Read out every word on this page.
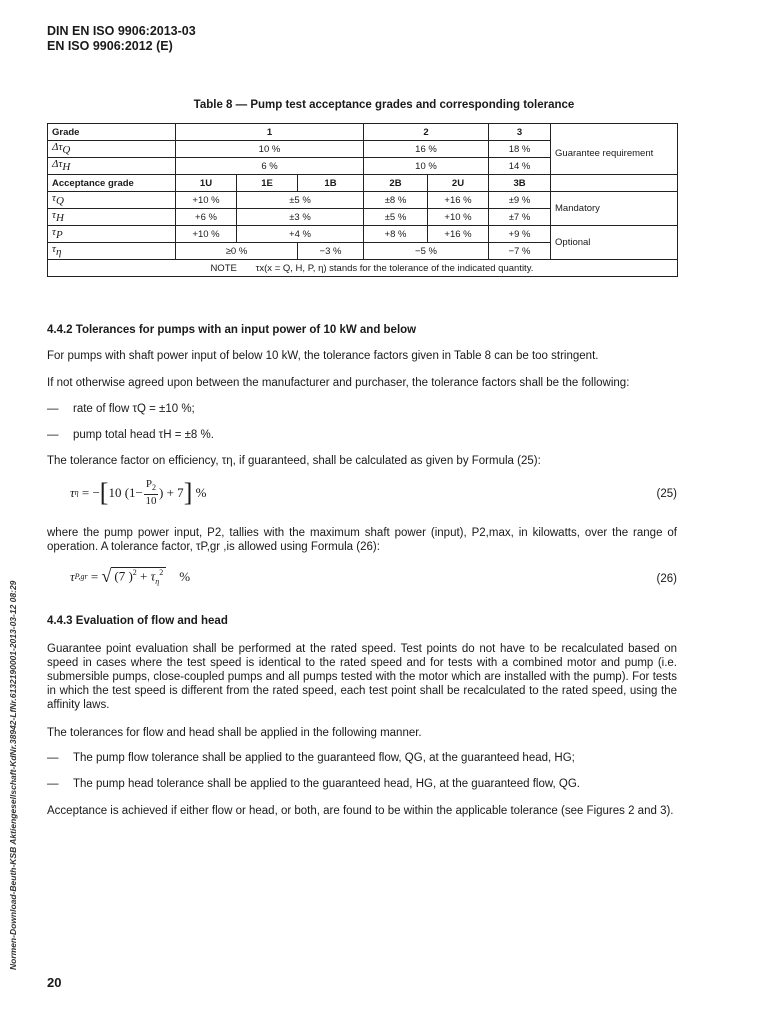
DIN EN ISO 9906:2013-03
EN ISO 9906:2012 (E)
Table 8 — Pump test acceptance grades and corresponding tolerance
Grade	1			2		3	Guarantee requirement
$\Delta\tau_Q$	10 %			16 %		18 %	
$\Delta\tau_H$	6 %			10 %		14 %	
Acceptance grade	1U	1E	1B	2B	2U	3B	
$\tau_Q$	+10 %	±5 %		±8 %	+16 %	±9 %	Mandatory
$\tau_H$	+6 %	±3 %		±5 %	+10 %	±7 %	
$\tau_P$	+10 %	+4 %		+8 %	+16 %	+9 %	Optional
$\tau_\eta$	≥0 %		−3 %	−5 %		−7 %	
NOTE τx(x = Q, H, P, η) stands for the tolerance of the indicated quantity.							
4.4.2 Tolerances for pumps with an input power of 10 kW and below
For pumps with shaft power input of below 10 kW, the tolerance factors given in Table 8 can be too stringent.
If not otherwise agreed upon between the manufacturer and purchaser, the tolerance factors shall be the following:
— rate of flow τQ = ±10 %;
— pump total head τH = ±8 %.
The tolerance factor on efficiency, τη, if guaranteed, shall be calculated as given by Formula (25):
τ η = − [ 10 ($1- \frac{P_2}{10}$ ) + 7 ] %	(25)
where the pump power input, P2, tallies with the maximum shaft power (input), P2,max, in kilowatts, over the range of operation. A tolerance factor, τP,gr ,is allowed using Formula (26):
τ P,gr = √ (7 )$^2 + \tau_\eta^2$ %	(26)
4.4.3 Evaluation of flow and head
Guarantee point evaluation shall be performed at the rated speed. Test points do not have to be recalculated based on speed in cases where the test speed is identical to the rated speed and for tests with a combined motor and pump (i.e. submersible pumps, close-coupled pumps and all pumps tested with the motor which are installed with the pump). For tests in which the test speed is different from the rated speed, each test point shall be recalculated to the rated speed, using the affinity laws.
The tolerances for flow and head shall be applied in the following manner.
— The pump flow tolerance shall be applied to the guaranteed flow, QG, at the guaranteed head, HG;
— The pump head tolerance shall be applied to the guaranteed head, HG, at the guaranteed flow, QG.
Acceptance is achieved if either flow or head, or both, are found to be within the applicable tolerance (see Figures 2 and 3).
Normen-Download-Beuth-KSB Aktiengesellschaft-KdNr.38942-LfNr.6132190001-2013-03-12 08:29
20
